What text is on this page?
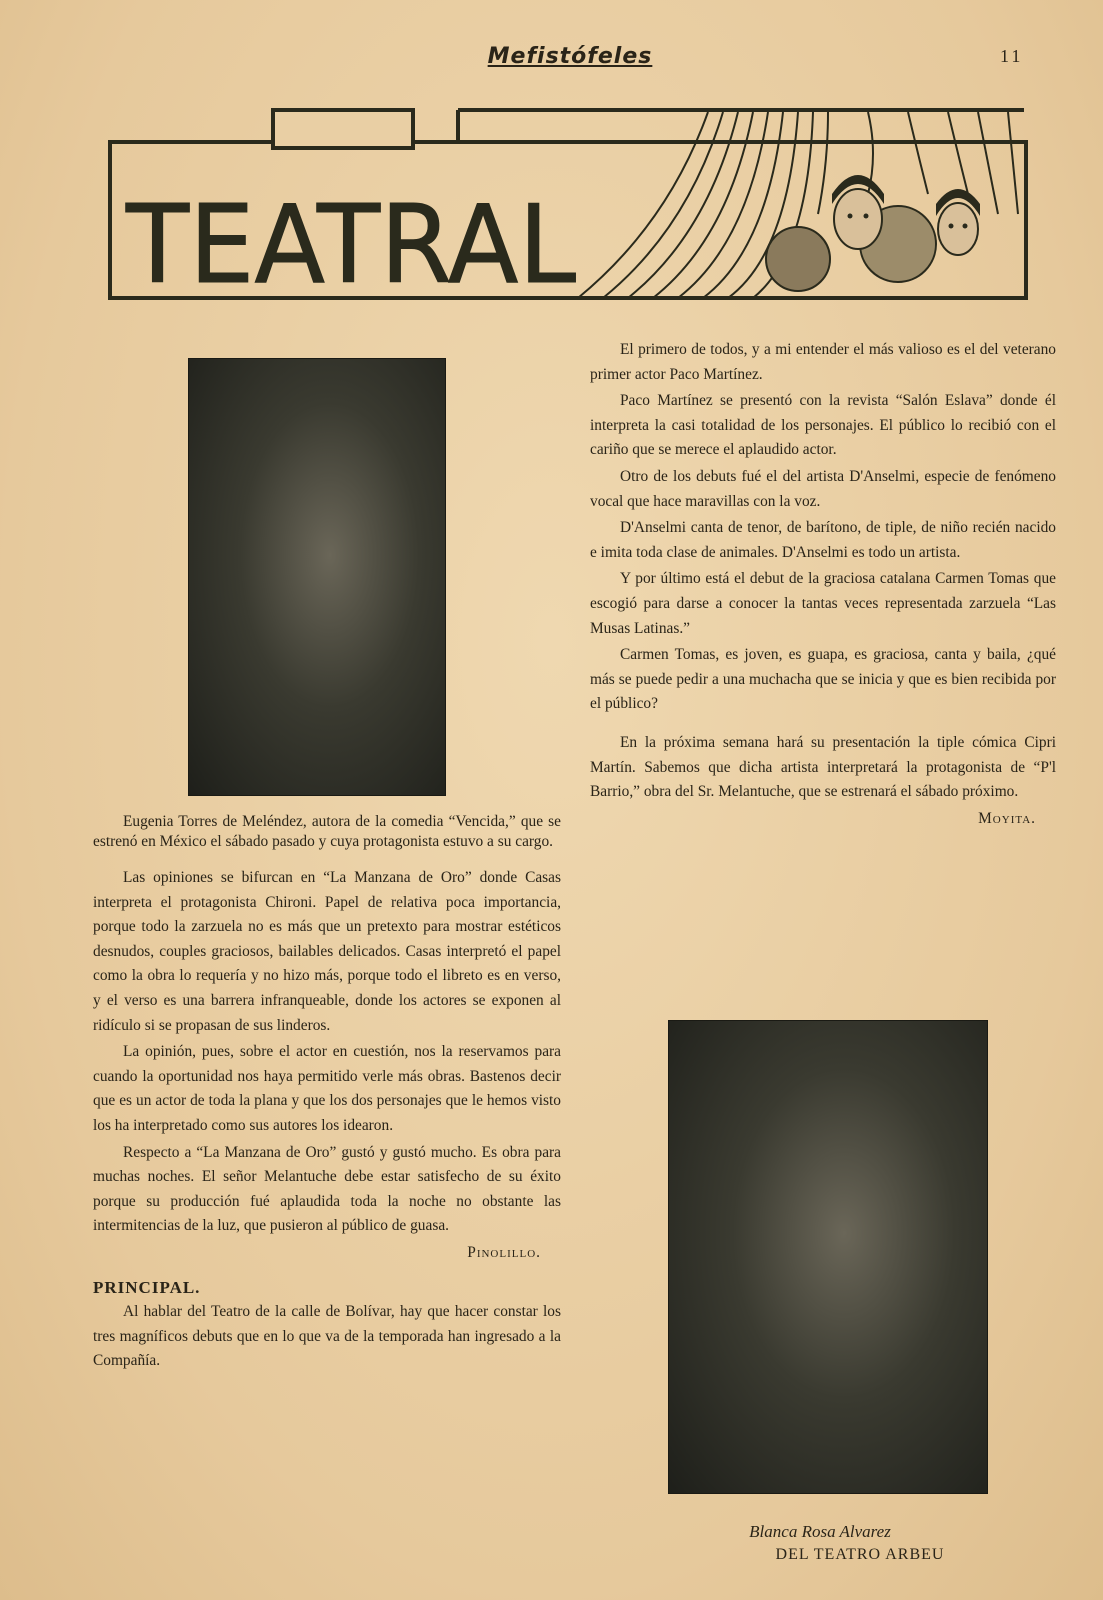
Mefistófeles	11
TEATRAL
Eugenia Torres de Meléndez, autora de la comedia “Vencida,” que se estrenó en México el sábado pasado y cuya protagonista estuvo a su cargo.

Las opiniones se bifurcan en “La Manzana de Oro” donde Casas interpreta el protagonista Chironi. Papel de relativa poca importancia, porque todo la zarzuela no es más que un pretexto para mostrar estéticos desnudos, couples graciosos, bailables delicados. Casas interpretó el papel como la obra lo requería y no hizo más, porque todo el libreto es en verso, y el verso es una barrera infranqueable, donde los actores se exponen al ridículo si se propasan de sus linderos.

La opinión, pues, sobre el actor en cuestión, nos la reservamos para cuando la oportunidad nos haya permitido verle más obras. Bastenos decir que es un actor de toda la plana y que los dos personajes que le hemos visto los ha interpretado como sus autores los idearon.

Respecto a “La Manzana de Oro” gustó y gustó mucho. Es obra para muchas noches. El señor Melantuche debe estar satisfecho de su éxito porque su producción fué aplaudida toda la noche no obstante las intermitencias de la luz, que pusieron al público de guasa.

Pinolillo.
PRINCIPAL.

Al hablar del Teatro de la calle de Bolívar, hay que hacer constar los tres magníficos debuts que en lo que va de la temporada han ingresado a la Compañía.

El primero de todos, y a mi entender el más valioso es el del veterano primer actor Paco Martínez.

Paco Martínez se presentó con la revista “Salón Eslava” donde él interpreta la casi totalidad de los personajes. El público lo recibió con el cariño que se merece el aplaudido actor.

Otro de los debuts fué el del artista D'Anselmi, especie de fenómeno vocal que hace maravillas con la voz.

D'Anselmi canta de tenor, de barítono, de tiple, de niño recién nacido e imita toda clase de animales. D'Anselmi es todo un artista.

Y por último está el debut de la graciosa catalana Carmen Tomas que escogió para darse a conocer la tantas veces representada zarzuela “Las Musas Latinas.”

Carmen Tomas, es joven, es guapa, es graciosa, canta y baila, ¿qué más se puede pedir a una muchacha que se inicia y que es bien recibida por el público?

En la próxima semana hará su presentación la tiple cómica Cipri Martín. Sabemos que dicha artista interpretará la protagonista de “P'l Barrio,” obra del Sr. Melantuche, que se estrenará el sábado próximo.

Moyita.
Blanca Rosa Alvarez
DEL TEATRO ARBEU
